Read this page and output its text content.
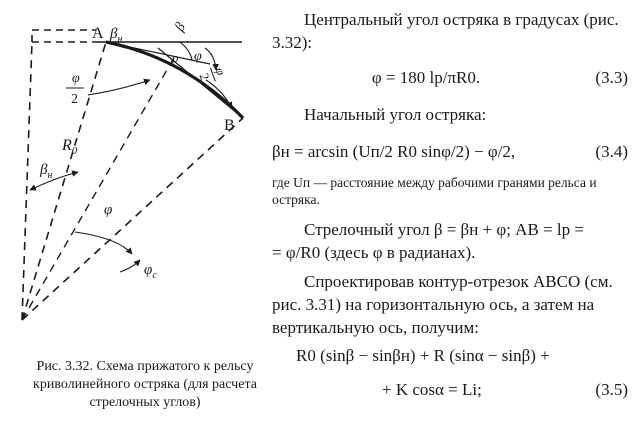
A $\beta_н$
β
φ
p
B
φ
2
φ
2
$R_0$
$\beta_н$
φ
$\varphi_c$
Рис. 3.32. Схема прижатого к рельсу криволинейного остряка (для расчета стрелочных углов)
Центральный угол остряка в градусах (рис. 3.32):
φ = 180 lp/πR0.	(3.3)
Начальный угол остряка:
βн = arcsin (Uп/2 R0 sinφ/2) − φ/2,	(3.4)
где Uп — расстояние между рабочими гранями рельса и остряка.
Стрелочный угол β = βн + φ; AB = lp =
= φ/R0 (здесь φ в радианах).
Спроектировав контур-отрезок ABCO (см. рис. 3.31) на горизонтальную ось, а затем на вертикальную ось, получим:
R0 (sinβ − sinβн) + R (sinα − sinβ) +
+ K cosα = Li;	(3.5)
